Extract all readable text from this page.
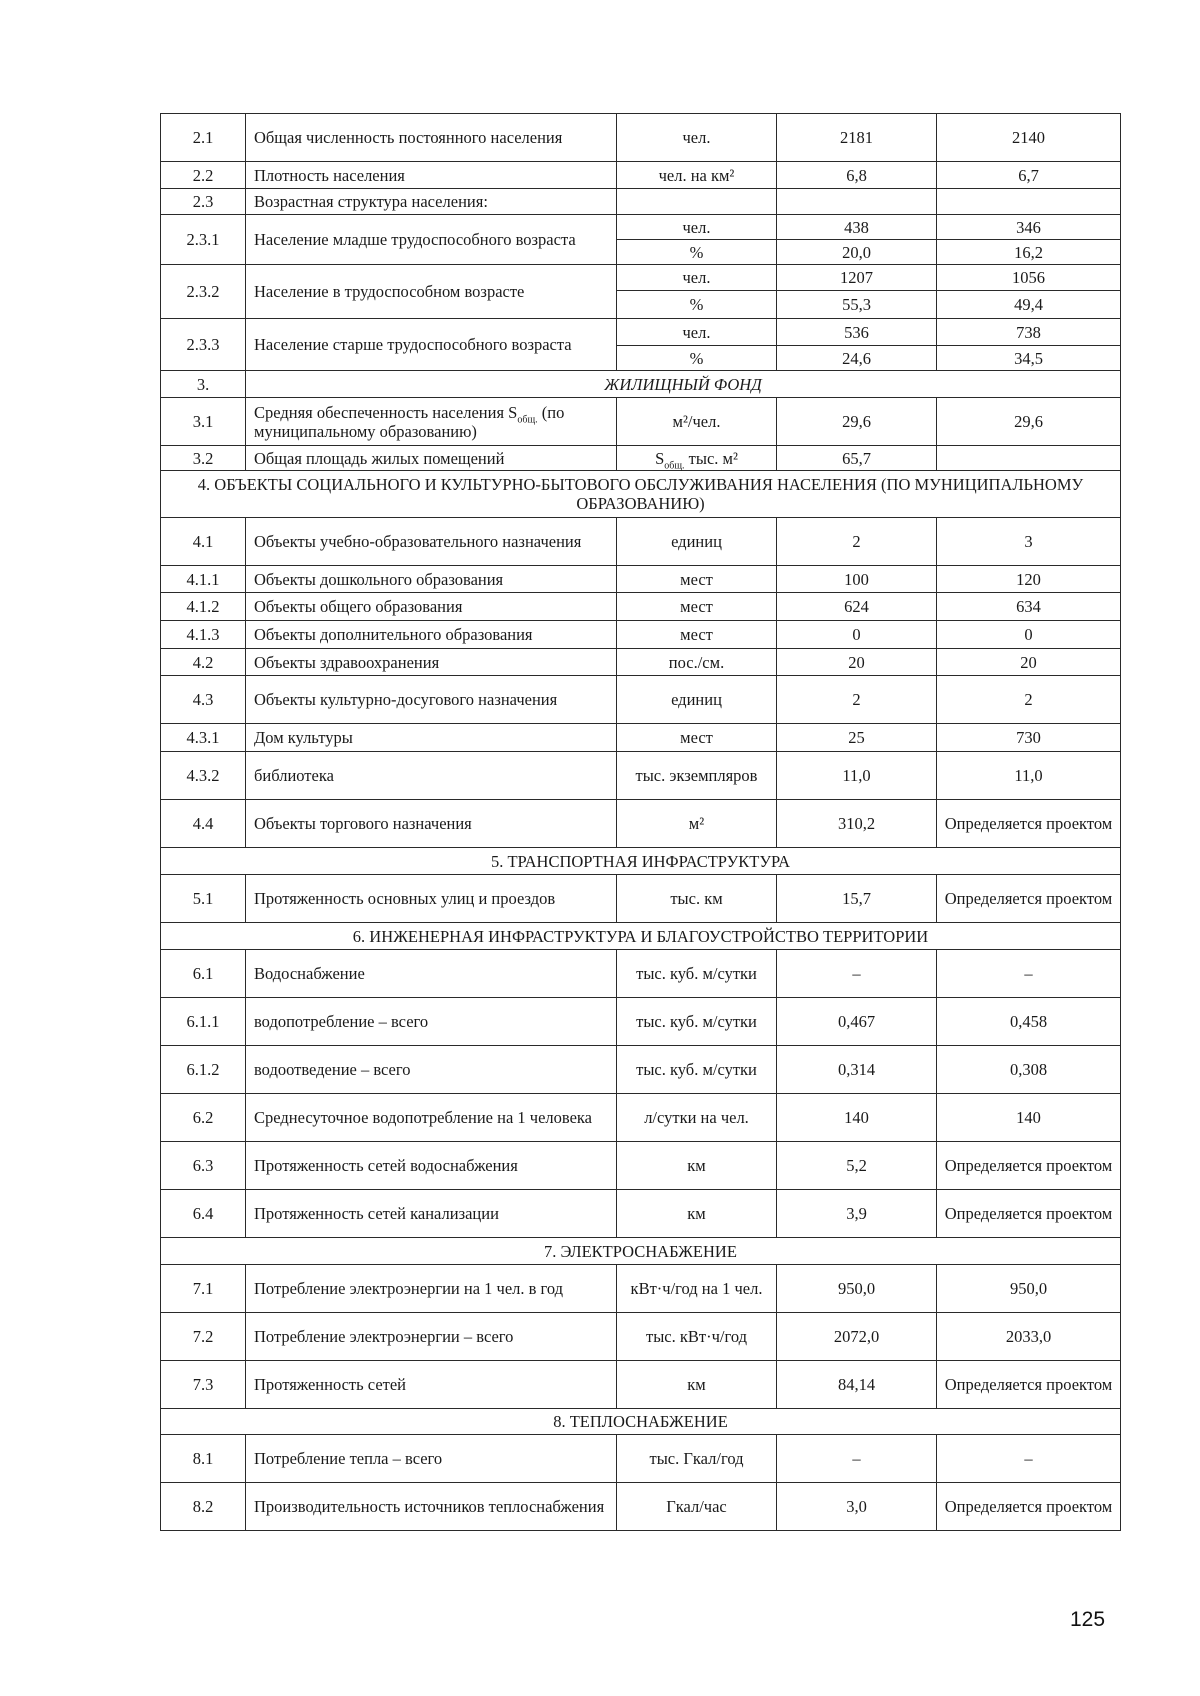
2.1	Общая численность постоянного населения	чел.	2181	2140
2.2	Плотность населения	чел. на км²	6,8	6,7
2.3	Возрастная структура населения:			
2.3.1	Население младше трудоспособного возраста	чел.	438	346
		%	20,0	16,2
2.3.2	Население в трудоспособном возрасте	чел.	1207	1056
		%	55,3	49,4
2.3.3	Население старше трудоспособного возраста	чел.	536	738
		%	24,6	34,5
3.	ЖИЛИЩНЫЙ ФОНД			
3.1	Средняя обеспеченность населения $S_{общ.}$ (по муниципальному образованию)	м²/чел.	29,6	29,6
3.2	Общая площадь жилых помещений	$S_{общ.}$ тыс. м²	65,7	
4. ОБЪЕКТЫ СОЦИАЛЬНОГО И КУЛЬТУРНО-БЫТОВОГО ОБСЛУЖИВАНИЯ НАСЕЛЕНИЯ (ПО МУНИЦИПАЛЬНОМУ ОБРАЗОВАНИЮ)				
4.1	Объекты учебно-образовательного назначения	единиц	2	3
4.1.1	Объекты дошкольного образования	мест	100	120
4.1.2	Объекты общего образования	мест	624	634
4.1.3	Объекты дополнительного образования	мест	0	0
4.2	Объекты здравоохранения	пос./см.	20	20
4.3	Объекты культурно-досугового назначения	единиц	2	2
4.3.1	Дом культуры	мест	25	730
4.3.2	библиотека	тыс. экземпляров	11,0	11,0
4.4	Объекты торгового назначения	м²	310,2	Определяется проектом
5. ТРАНСПОРТНАЯ ИНФРАСТРУКТУРА				
5.1	Протяженность основных улиц и проездов	тыс. км	15,7	Определяется проектом
6. ИНЖЕНЕРНАЯ ИНФРАСТРУКТУРА И БЛАГОУСТРОЙСТВО ТЕРРИТОРИИ				
6.1	Водоснабжение	тыс. куб. м/сутки	–	–
6.1.1	водопотребление – всего	тыс. куб. м/сутки	0,467	0,458
6.1.2	водоотведение – всего	тыс. куб. м/сутки	0,314	0,308
6.2	Среднесуточное водопотребление на 1 человека	л/сутки на чел.	140	140
6.3	Протяженность сетей водоснабжения	км	5,2	Определяется проектом
6.4	Протяженность сетей канализации	км	3,9	Определяется проектом
7. ЭЛЕКТРОСНАБЖЕНИЕ				
7.1	Потребление электроэнергии на 1 чел. в год	кВт·ч/год на 1 чел.	950,0	950,0
7.2	Потребление электроэнергии – всего	тыс. кВт·ч/год	2072,0	2033,0
7.3	Протяженность сетей	км	84,14	Определяется проектом
8. ТЕПЛОСНАБЖЕНИЕ				
8.1	Потребление тепла – всего	тыс. Гкал/год	–	–
8.2	Производительность источников теплоснабжения	Гкал/час	3,0	Определяется проектом
125
